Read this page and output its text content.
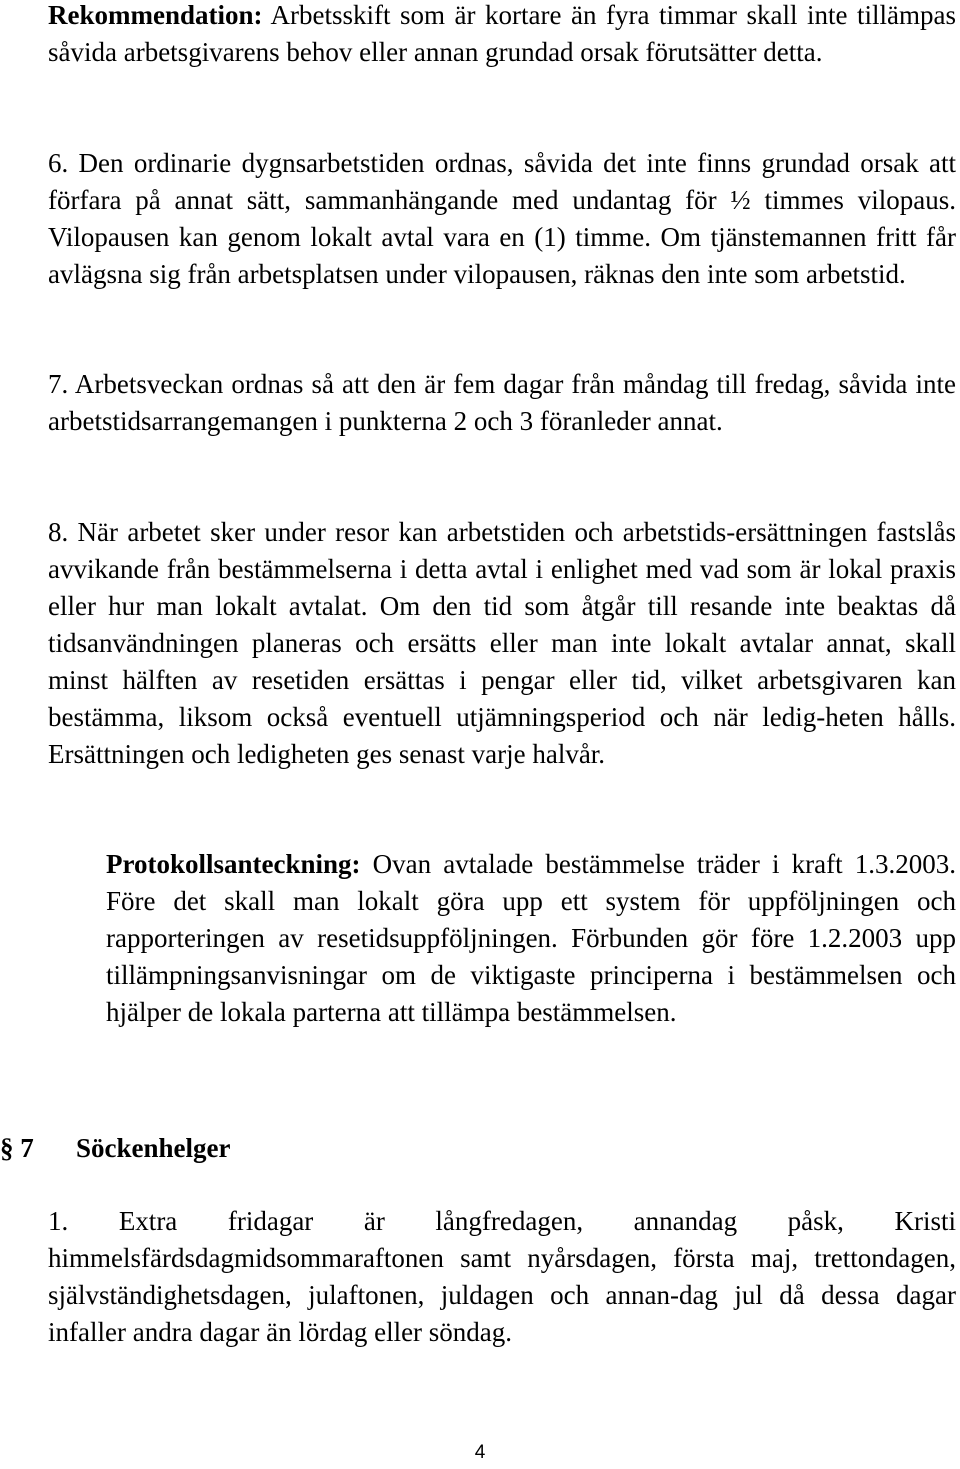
Rekommendation: Arbetsskift som är kortare än fyra timmar skall inte tillämpas såvida arbetsgivarens behov eller annan grundad orsak förutsätter detta.

6. Den ordinarie dygnsarbetstiden ordnas, såvida det inte finns grundad orsak att förfara på annat sätt, sammanhängande med undantag för ½ timmes vilopaus. Vilopausen kan genom lokalt avtal vara en (1) timme. Om tjänstemannen fritt får avlägsna sig från arbetsplatsen under vilopausen, räknas den inte som arbetstid.

7. Arbetsveckan ordnas så att den är fem dagar från måndag till fredag, såvida inte arbetstidsarrangemangen i punkterna 2 och 3 föranleder annat.

8. När arbetet sker under resor kan arbetstiden och arbetstids-ersättningen fastslås avvikande från bestämmelserna i detta avtal i enlighet med vad som är lokal praxis eller hur man lokalt avtalat. Om den tid som åtgår till resande inte beaktas då tidsanvändningen planeras och ersätts eller man inte lokalt avtalar annat, skall minst hälften av resetiden ersättas i pengar eller tid, vilket arbetsgivaren kan bestämma, liksom också eventuell utjämningsperiod och när ledig-heten hålls. Ersättningen och ledigheten ges senast varje halvår.

Protokollsanteckning: Ovan avtalade bestämmelse träder i kraft 1.3.2003. Före det skall man lokalt göra upp ett system för uppföljningen och rapporteringen av resetidsuppföljningen. Förbunden gör före 1.2.2003 upp tillämpningsanvisningar om de viktigaste principerna i bestämmelsen och hjälper de lokala parterna att tillämpa bestämmelsen.

§ 7 Söckenhelger

1. Extra fridagar är långfredagen, annandag påsk, Kristi himmelsfärdsdagmidsommaraftonen samt nyårsdagen, första maj, trettondagen, självständighetsdagen, julaftonen, juldagen och annan-dag jul då dessa dagar infaller andra dagar än lördag eller söndag.

4
